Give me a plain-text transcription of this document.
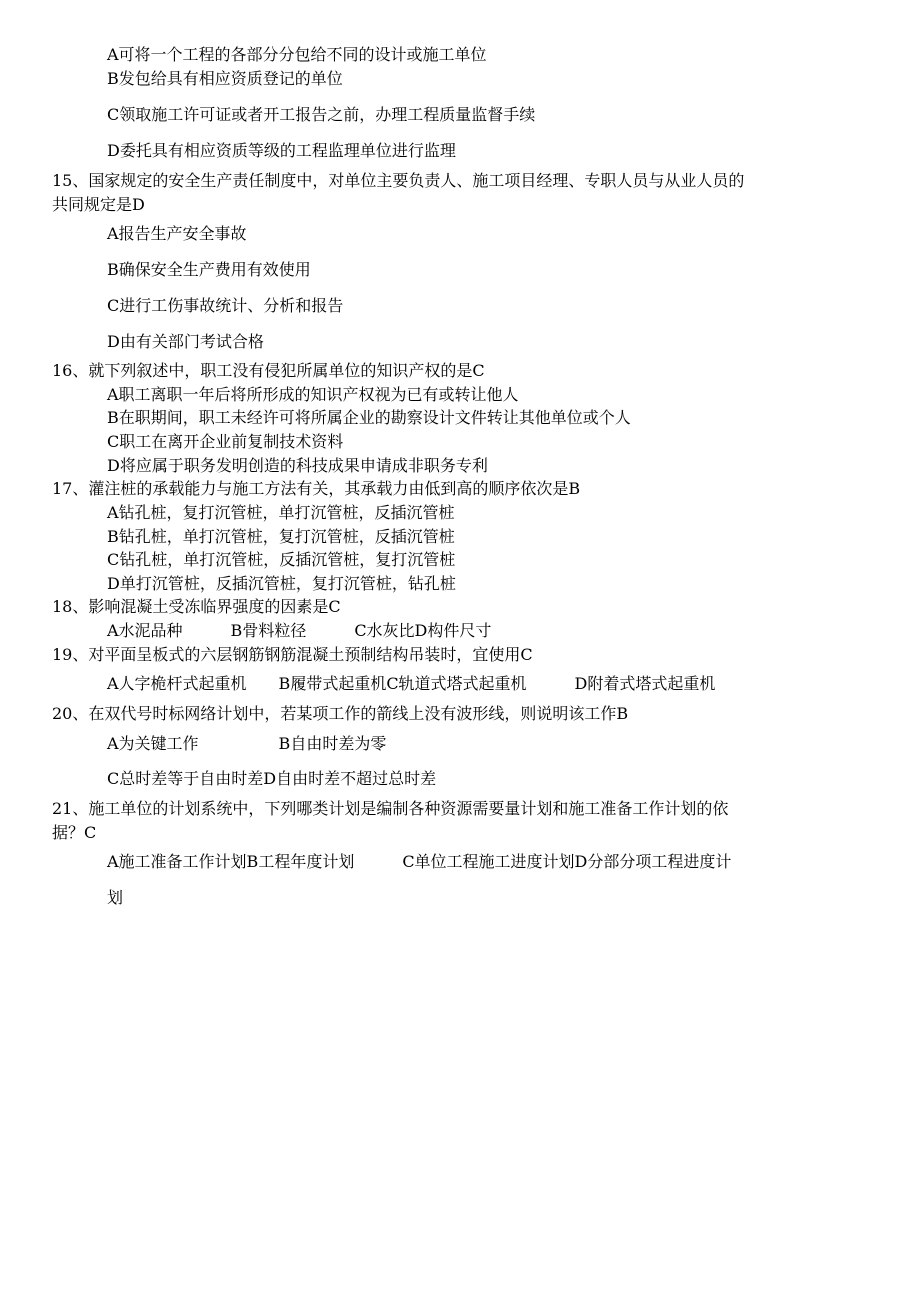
A可将一个工程的各部分分包给不同的设计或施工单位
B发包给具有相应资质登记的单位
C领取施工许可证或者开工报告之前，办理工程质量监督手续
D委托具有相应资质等级的工程监理单位进行监理
15、国家规定的安全生产责任制度中，对单位主要负责人、施工项目经理、专职人员与从业人员的
共同规定是D
A报告生产安全事故
B确保安全生产费用有效使用
C进行工伤事故统计、分析和报告
D由有关部门考试合格
16、就下列叙述中，职工没有侵犯所属单位的知识产权的是C
A职工离职一年后将所形成的知识产权视为已有或转让他人
B在职期间，职工未经许可将所属企业的勘察设计文件转让其他单位或个人
C职工在离开企业前复制技术资料
D将应属于职务发明创造的科技成果申请成非职务专利
17、灌注桩的承载能力与施工方法有关，其承载力由低到高的顺序依次是B
A钻孔桩，复打沉管桩，单打沉管桩，反插沉管桩
B钻孔桩，单打沉管桩，复打沉管桩，反插沉管桩
C钻孔桩，单打沉管桩，反插沉管桩，复打沉管桩
D单打沉管桩，反插沉管桩，复打沉管桩，钻孔桩
18、影响混凝土受冻临界强度的因素是C
A水泥品种　　　B骨料粒径　　　C水灰比D构件尺寸
19、对平面呈板式的六层钢筋钢筋混凝土预制结构吊装时，宜使用C
A人字桅杆式起重机　　B履带式起重机C轨道式塔式起重机　　　D附着式塔式起重机
20、在双代号时标网络计划中，若某项工作的箭线上没有波形线，则说明该工作B
A为关键工作　　　　　B自由时差为零
C总时差等于自由时差D自由时差不超过总时差
21、施工单位的计划系统中，下列哪类计划是编制各种资源需要量计划和施工准备工作计划的依
据？C
A施工准备工作计划B工程年度计划　　　C单位工程施工进度计划D分部分项工程进度计
划
